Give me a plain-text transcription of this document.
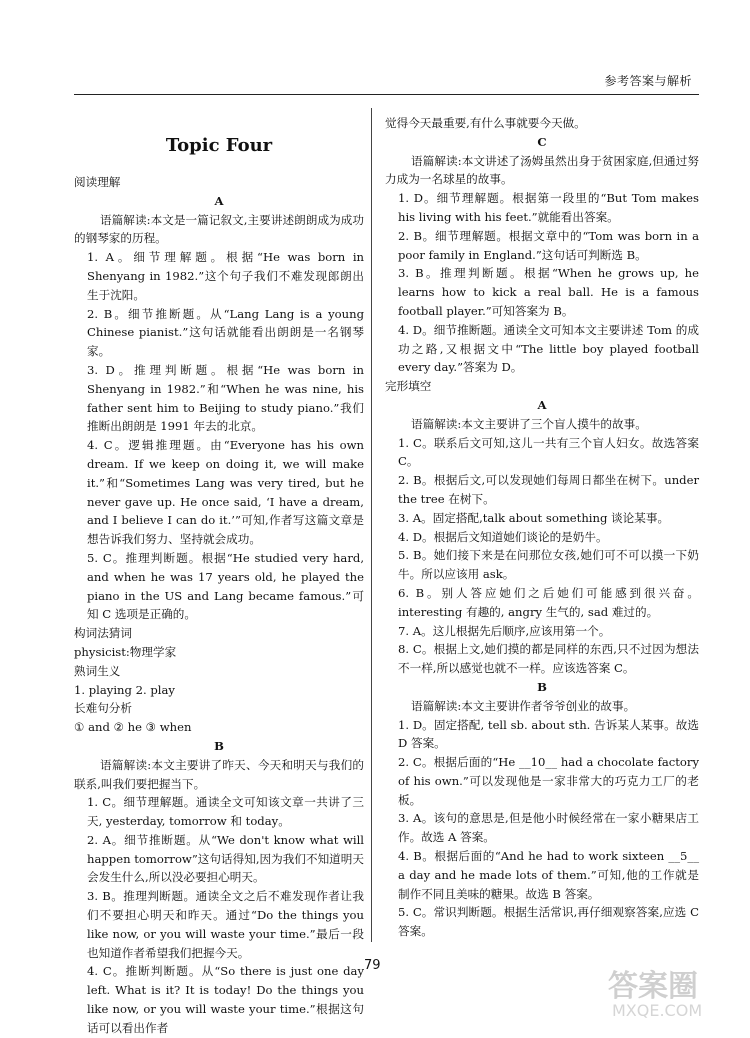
参考答案与解析

Topic Four

阅读理解

A

语篇解读:本文是一篇记叙文,主要讲述朗朗成为成功的钢琴家的历程。

1. A。细节理解题。根据“He was born in Shenyang in 1982.”这个句子我们不难发现郎朗出生于沈阳。

2. B。细节推断题。从“Lang Lang is a young Chinese pianist.”这句话就能看出朗朗是一名钢琴家。

3. D。推理判断题。根据“He was born in Shenyang in 1982.”和“When he was nine, his father sent him to Beijing to study piano.”我们推断出朗朗是 1991 年去的北京。

4. C。逻辑推理题。由“Everyone has his own dream. If we keep on doing it, we will make it.”和“Sometimes Lang was very tired, but he never gave up. He once said, ‘I have a dream, and I believe I can do it.’”可知,作者写这篇文章是想告诉我们努力、坚持就会成功。

5. C。推理判断题。根据“He studied very hard, and when he was 17 years old, he played the piano in the US and Lang became famous.”可知 C 选项是正确的。

构词法猜词

physicist:物理学家

熟词生义

1. playing 2. play

长难句分析

① and ② he ③ when

B

语篇解读:本文主要讲了昨天、今天和明天与我们的联系,叫我们要把握当下。

1. C。细节理解题。通读全文可知该文章一共讲了三天, yesterday, tomorrow 和 today。

2. A。细节推断题。从“We don't know what will happen tomorrow”这句话得知,因为我们不知道明天会发生什么,所以没必要担心明天。

3. B。推理判断题。通读全文之后不难发现作者让我们不要担心明天和昨天。通过“Do the things you like now, or you will waste your time.”最后一段也知道作者希望我们把握今天。

4. C。推断判断题。从“So there is just one day left. What is it? It is today! Do the things you like now, or you will waste your time.”根据这句话可以看出作者

觉得今天最重要,有什么事就要今天做。

C

语篇解读:本文讲述了汤姆虽然出身于贫困家庭,但通过努力成为一名球星的故事。

1. D。细节理解题。根据第一段里的“But Tom makes his living with his feet.”就能看出答案。

2. B。细节理解题。根据文章中的“Tom was born in a poor family in England.”这句话可判断选 B。

3. B。推理判断题。根据“When he grows up, he learns how to kick a real ball. He is a famous football player.”可知答案为 B。

4. D。细节推断题。通读全文可知本文主要讲述 Tom 的成功之路,又根据文中“The little boy played football every day.”答案为 D。

完形填空

A

语篇解读:本文主要讲了三个盲人摸牛的故事。

1. C。联系后文可知,这儿一共有三个盲人妇女。故选答案 C。

2. B。根据后文,可以发现她们每周日都坐在树下。under the tree 在树下。

3. A。固定搭配,talk about something 谈论某事。

4. D。根据后文知道她们谈论的是奶牛。

5. B。她们接下来是在问那位女孩,她们可不可以摸一下奶牛。所以应该用 ask。

6. B。别人答应她们之后她们可能感到很兴奋。interesting 有趣的, angry 生气的, sad 难过的。

7. A。这儿根据先后顺序,应该用第一个。

8. C。根据上文,她们摸的都是同样的东西,只不过因为想法不一样,所以感觉也就不一样。应该选答案 C。

B

语篇解读:本文主要讲作者爷爷创业的故事。

1. D。固定搭配, tell sb. about sth. 告诉某人某事。故选 D 答案。

2. C。根据后面的“He __10__ had a chocolate factory of his own.”可以发现他是一家非常大的巧克力工厂的老板。

3. A。该句的意思是,但是他小时候经常在一家小糖果店工作。故选 A 答案。

4. B。根据后面的“And he had to work sixteen __5__ a day and he made lots of them.”可知,他的工作就是制作不同且美味的糖果。故选 B 答案。

5. C。常识判断题。根据生活常识,再仔细观察答案,应选 C 答案。

79
答案圈
MXQE.COM
